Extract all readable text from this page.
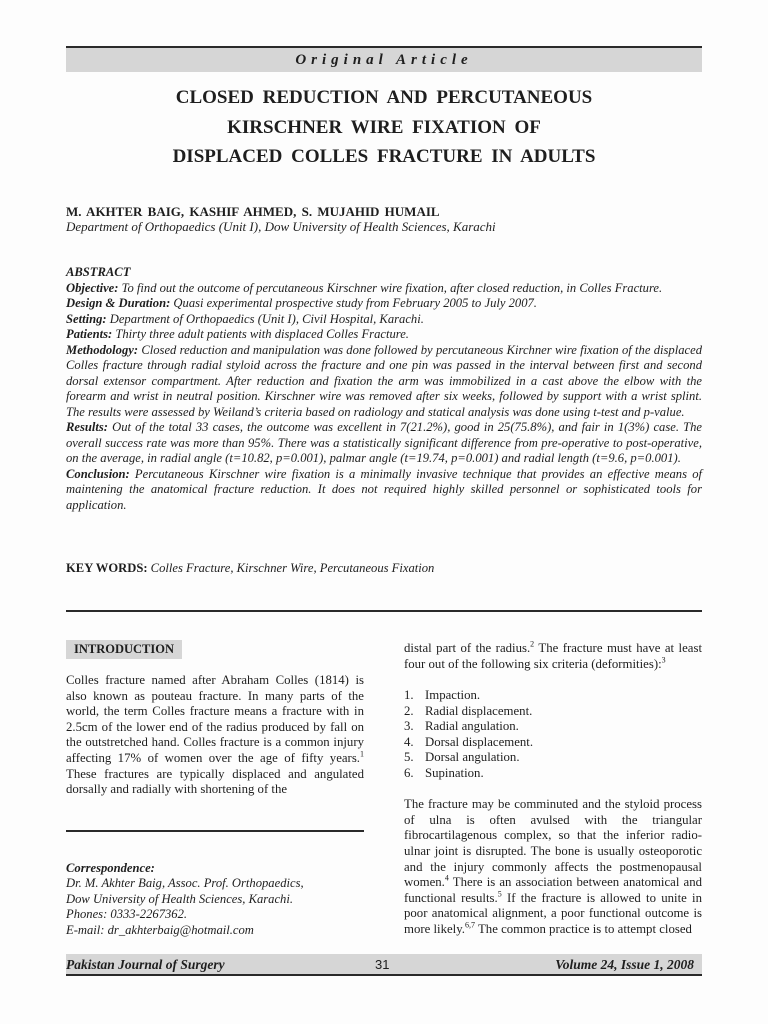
Original Article
CLOSED REDUCTION AND PERCUTANEOUS
KIRSCHNER WIRE FIXATION OF
DISPLACED COLLES FRACTURE IN ADULTS
M. AKHTER BAIG, KASHIF AHMED, S. MUJAHID HUMAIL
Department of Orthopaedics (Unit I), Dow University of Health Sciences, Karachi

ABSTRACT

Objective: To find out the outcome of percutaneous Kirschner wire fixation, after closed reduction, in Colles Fracture.

Design & Duration: Quasi experimental prospective study from February 2005 to July 2007.

Setting: Department of Orthopaedics (Unit I), Civil Hospital, Karachi.

Patients: Thirty three adult patients with displaced Colles Fracture.

Methodology: Closed reduction and manipulation was done followed by percutaneous Kirchner wire fixation of the displaced Colles fracture through radial styloid across the fracture and one pin was passed in the interval between first and second dorsal extensor compartment. After reduction and fixation the arm was immobilized in a cast above the elbow with the forearm and wrist in neutral position. Kirschner wire was removed after six weeks, followed by support with a wrist splint. The results were assessed by Weiland’s criteria based on radiology and statical analysis was done using t-test and p-value.

Results: Out of the total 33 cases, the outcome was excellent in 7(21.2%), good in 25(75.8%), and fair in 1(3%) case. The overall success rate was more than 95%. There was a statistically significant difference from pre-operative to post-operative, on the average, in radial angle (t=10.82, p=0.001), palmar angle (t=19.74, p=0.001) and radial length (t=9.6, p=0.001).

Conclusion: Percutaneous Kirschner wire fixation is a minimally invasive technique that provides an effective means of maintening the anatomical fracture reduction. It does not required highly skilled personnel or sophisticated tools for application.

KEY WORDS: Colles Fracture, Kirschner Wire, Percutaneous Fixation
INTRODUCTION

Colles fracture named after Abraham Colles (1814) is also known as pouteau fracture. In many parts of the world, the term Colles fracture means a fracture with in 2.5cm of the lower end of the radius produced by fall on the outstretched hand. Colles fracture is a common injury affecting 17% of women over the age of fifty years.$^1$ These fractures are typically displaced and angulated dorsally and radially with shortening of the

Correspondence:
Dr. M. Akhter Baig, Assoc. Prof. Orthopaedics,
Dow University of Health Sciences, Karachi.
Phones: 0333-2267362.
E-mail: dr_akhterbaig@hotmail.com

distal part of the radius.$^2$ The fracture must have at least four out of the following six criteria (deformities):$^3$

1. Impaction.
2. Radial displacement.
3. Radial angulation.
4. Dorsal displacement.
5. Dorsal angulation.
6. Supination.

The fracture may be comminuted and the styloid process of ulna is often avulsed with the triangular fibrocartilagenous complex, so that the inferior radio-ulnar joint is disrupted. The bone is usually osteoporotic and the injury commonly affects the postmenopausal women.$^4$ There is an association between anatomical and functional results.$^5$ If the fracture is allowed to unite in poor anatomical alignment, a poor functional outcome is more likely.$^{6,7}$ The common practice is to attempt closed

Pakistan Journal of Surgery	31	Volume 24, Issue 1, 2008
